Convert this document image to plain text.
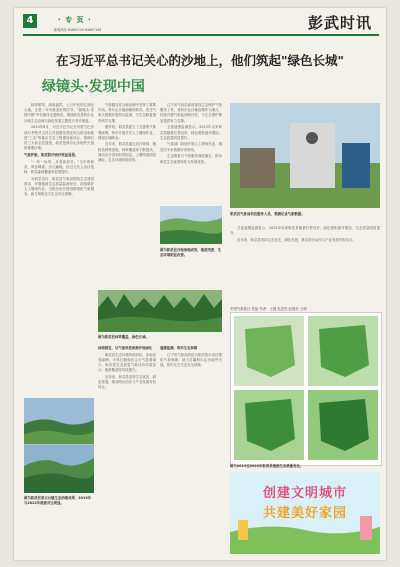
4	· 专 页 ·
新闻热线 84667145 84667146	彭武时讯
在习近平总书记关心的沙地上，他们筑起"绿色长城"
绿镜头·发现中国

林草繁茂，绿意盎然。七月中旬的辽西北大地，正是一年中最美好的时节。"绿镜头·发现中国"中央媒体走进彰武，围绕彰武县科尔沁沙地生态治理与绿色发展主题进行采访报道。

2023年6月，习近平总书记在内蒙古巴彦淖尔考察并主持召开加强荒漠化综合防治和推进"三北"等重点生态工程建设座谈会，强调打好三大标志性战役，彰武是科尔沁沙地歼灭战的重要区域。

气象护航，彰武防沙治沙效益显著。

"一年一场风，从春刮到冬。"当年的彰武，风沙肆虐，沙丘遍地。经过几代人治沙造林，彰武森林覆盖率显著提升。

为科学治沙，彰武县气象局围绕生态建设需求，开展植被生态质量监测评估，持续做好人工增雨作业，为防沙治沙提供精细化气象服务，助力构筑北方生态安全屏障。

图为彰武县章古台镇生态治理成果，2019年与2022年植被对比明显。

气象服务在沙地治理中发挥了重要作用。科尔沁沙地南缘的彰武，依托气象大数据开展风沙监测，为生态修复提供科学支撑。

据介绍，彰武县建立了完善的气象观测网，每年开展多次人工增雨作业，增加区域降水。

近年来，彰武县通过封沙育林、植树造林等措施，林草覆盖率不断提高，流动沙丘得到有效固定，土壤风蚀明显减轻，生态环境持续好转。

辽宁省气象局高度重视生态保护气象服务工作，将科尔沁沙地治理作为重点，持续开展气象监测和评估，为生态保护修复提供有力支撑。

卫星遥感监测显示，2023年以来彰武县植被长势良好，绿色面积逐年增加，生态质量明显提升。

气象部门持续开展人工增雨作业，增加空中水资源开发利用。

生态修复与气象服务深度融合，推动彰武生态优势转化为发展优势。

图为彰武县沙地治理成效，植被茂密，生态环境明显改善。
图为彰武县林草覆盖，绿色长城。

因地制宜，以气象科技助推沙地绿化

彰武县生态环境持续向好，沙地变成绿洲，大风日数和沙尘天气显著减少。彰武县生态质量气象评价结果显示，植被覆盖度持续提升。

近年来，彰武县坚持生态优先、绿色发展，推动防沙治沙与产业发展有机结合。

遥感监测，筑牢生态屏障

辽宁省气象局持续为彰武防沙治沙提供气象保障，助力打赢科尔沁沙地歼灭战，筑牢北方生态安全屏障。

彰武县气象局科技服务人员，观测记录气象数据。

卫星遥感监测显示，2023年以来彰武县植被长势良好，绿色面积逐年增加，生态质量明显提升。

近年来，彰武县坚持生态优先、绿色发展，推动防沙治沙与产业发展有机结合。

图为2019至2022年彰武县植被生态质量变化。
中国气象报社 张晶 作者：王健 赵洪杰 赵瑞东 王倩
创建文明城市
共建美好家园
